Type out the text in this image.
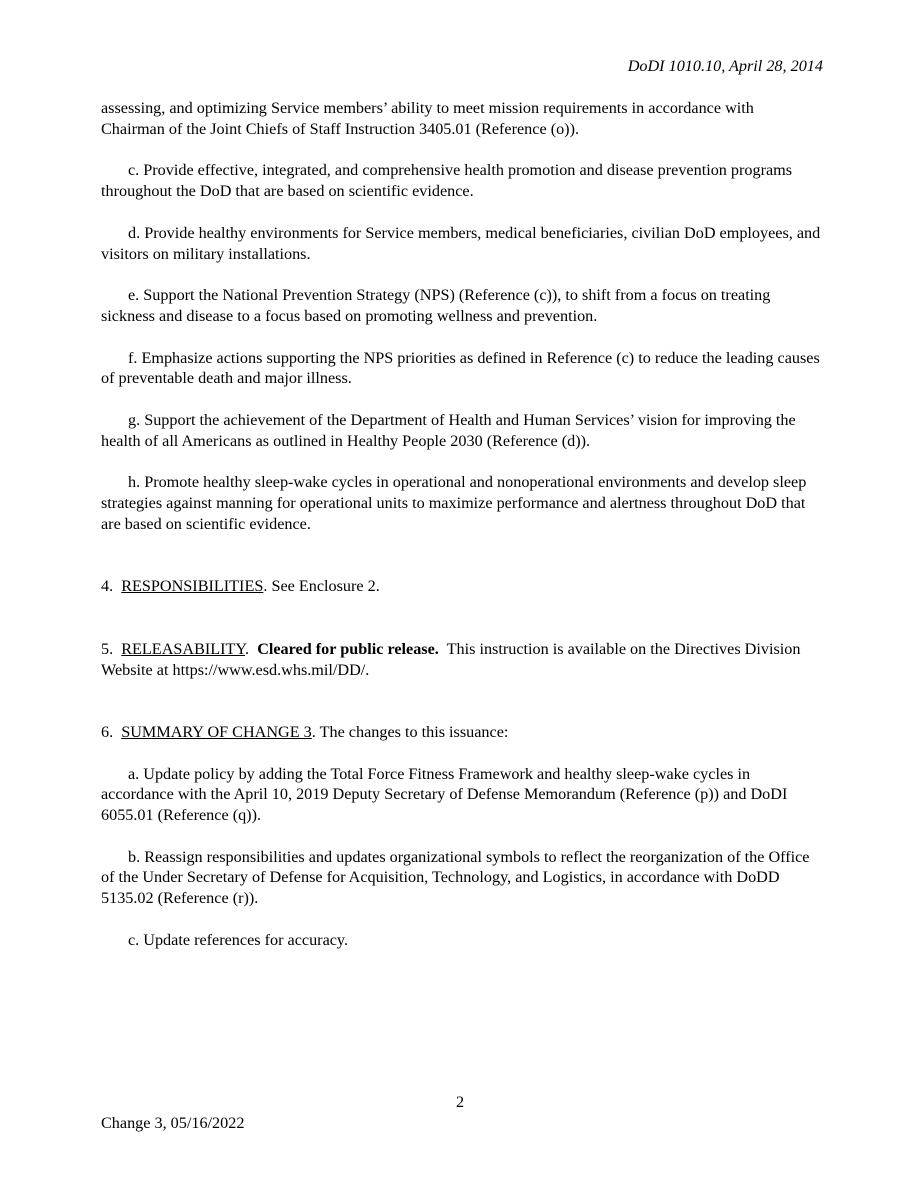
DoDI 1010.10, April 28, 2014

assessing, and optimizing Service members’ ability to meet mission requirements in accordance with Chairman of the Joint Chiefs of Staff Instruction 3405.01 (Reference (o)).

c. Provide effective, integrated, and comprehensive health promotion and disease prevention programs throughout the DoD that are based on scientific evidence.

d. Provide healthy environments for Service members, medical beneficiaries, civilian DoD employees, and visitors on military installations.

e. Support the National Prevention Strategy (NPS) (Reference (c)), to shift from a focus on treating sickness and disease to a focus based on promoting wellness and prevention.

f. Emphasize actions supporting the NPS priorities as defined in Reference (c) to reduce the leading causes of preventable death and major illness.

g. Support the achievement of the Department of Health and Human Services’ vision for improving the health of all Americans as outlined in Healthy People 2030 (Reference (d)).

h. Promote healthy sleep-wake cycles in operational and nonoperational environments and develop sleep strategies against manning for operational units to maximize performance and alertness throughout DoD that are based on scientific evidence.

4. RESPONSIBILITIES. See Enclosure 2.

5. RELEASABILITY.  Cleared for public release.  This instruction is available on the Directives Division Website at https://www.esd.whs.mil/DD/.

6. SUMMARY OF CHANGE 3. The changes to this issuance:

a. Update policy by adding the Total Force Fitness Framework and healthy sleep-wake cycles in accordance with the April 10, 2019 Deputy Secretary of Defense Memorandum (Reference (p)) and DoDI 6055.01 (Reference (q)).

b. Reassign responsibilities and updates organizational symbols to reflect the reorganization of the Office of the Under Secretary of Defense for Acquisition, Technology, and Logistics, in accordance with DoDD 5135.02 (Reference (r)).

c. Update references for accuracy.

2
Change 3, 05/16/2022
